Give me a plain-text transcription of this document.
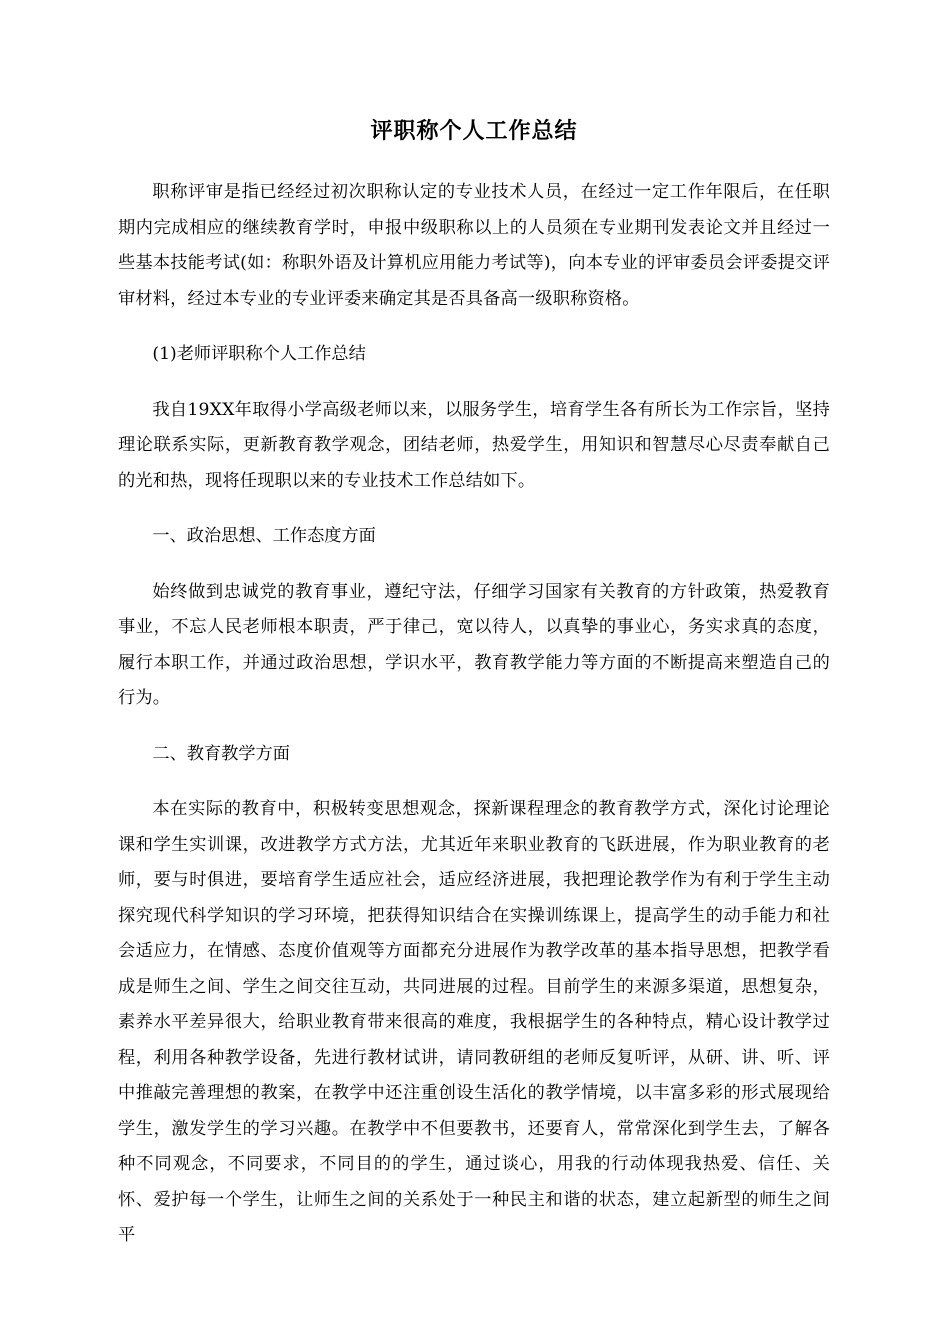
评职称个人工作总结

职称评审是指已经经过初次职称认定的专业技术人员，在经过一定工作年限后，在任职期内完成相应的继续教育学时，申报中级职称以上的人员须在专业期刊发表论文并且经过一些基本技能考试(如：称职外语及计算机应用能力考试等)，向本专业的评审委员会评委提交评审材料，经过本专业的专业评委来确定其是否具备高一级职称资格。

(1)老师评职称个人工作总结

我自19XX年取得小学高级老师以来，以服务学生，培育学生各有所长为工作宗旨，坚持理论联系实际，更新教育教学观念，团结老师，热爱学生，用知识和智慧尽心尽责奉献自己的光和热，现将任现职以来的专业技术工作总结如下。

一、政治思想、工作态度方面

始终做到忠诚党的教育事业，遵纪守法，仔细学习国家有关教育的方针政策，热爱教育事业，不忘人民老师根本职责，严于律己，宽以待人，以真挚的事业心，务实求真的态度，履行本职工作，并通过政治思想，学识水平，教育教学能力等方面的不断提高来塑造自己的行为。

二、教育教学方面

本在实际的教育中，积极转变思想观念，探新课程理念的教育教学方式，深化讨论理论课和学生实训课，改进教学方式方法，尤其近年来职业教育的飞跃进展，作为职业教育的老师，要与时俱进，要培育学生适应社会，适应经济进展，我把理论教学作为有利于学生主动探究现代科学知识的学习环境，把获得知识结合在实操训练课上，提高学生的动手能力和社会适应力，在情感、态度价值观等方面都充分进展作为教学改革的基本指导思想，把教学看成是师生之间、学生之间交往互动，共同进展的过程。目前学生的来源多渠道，思想复杂，素养水平差异很大，给职业教育带来很高的难度，我根据学生的各种特点，精心设计教学过程，利用各种教学设备，先进行教材试讲，请同教研组的老师反复听评，从研、讲、听、评中推敲完善理想的教案，在教学中还注重创设生活化的教学情境，以丰富多彩的形式展现给学生，激发学生的学习兴趣。在教学中不但要教书，还要育人，常常深化到学生去，了解各种不同观念，不同要求，不同目的的学生，通过谈心，用我的行动体现我热爱、信任、关怀、爱护每一个学生，让师生之间的关系处于一种民主和谐的状态，建立起新型的师生之间平
